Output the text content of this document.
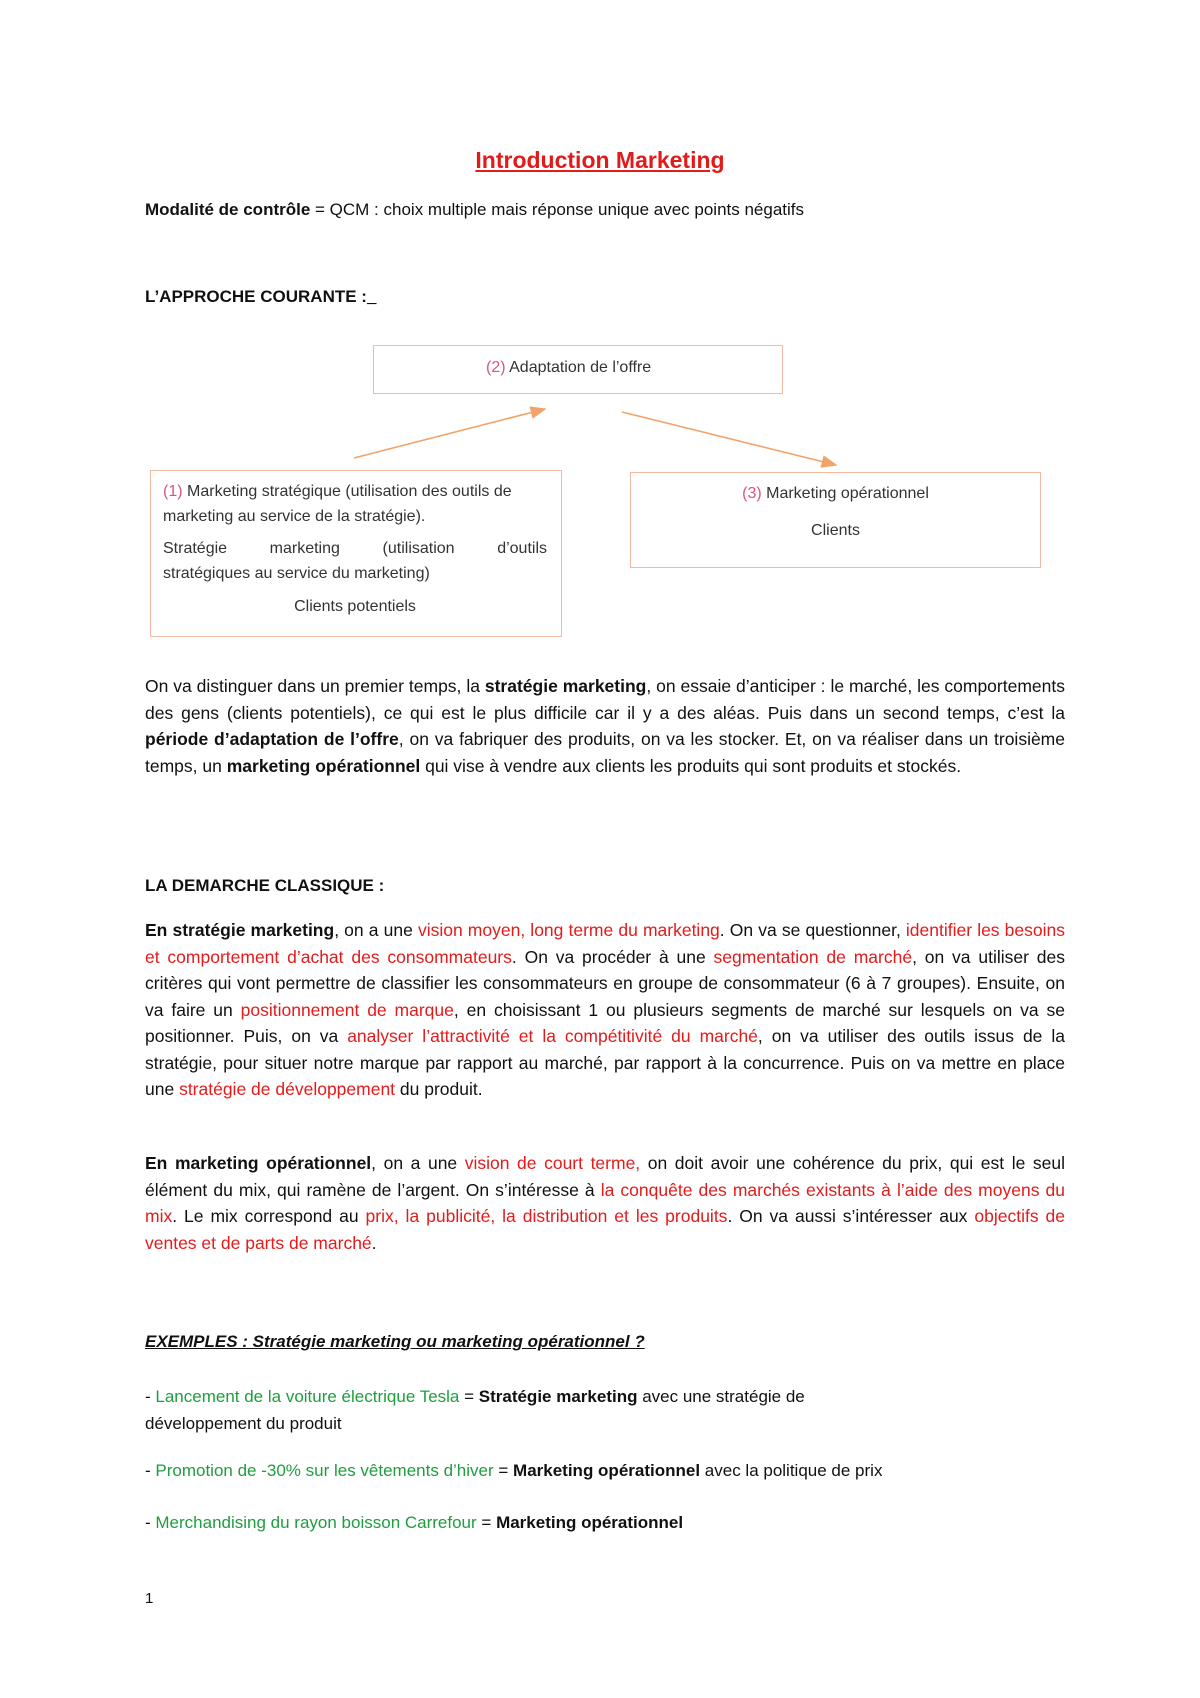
Introduction Marketing
Modalité de contrôle = QCM : choix multiple mais réponse unique avec points négatifs
L’APPROCHE COURANTE :_
(2) Adaptation de l’offre
(1) Marketing stratégique (utilisation des outils de
marketing au service de la stratégie).
Stratégie marketing (utilisation d’outils
stratégiques au service du marketing)
Clients potentiels
(3) Marketing opérationnel
Clients

On va distinguer dans un premier temps, la stratégie marketing, on essaie d’anticiper : le marché, les comportements des gens (clients potentiels), ce qui est le plus difficile car il y a des aléas. Puis dans un second temps, c’est la période d’adaptation de l’offre, on va fabriquer des produits, on va les stocker. Et, on va réaliser dans un troisième temps, un marketing opérationnel qui vise à vendre aux clients les produits qui sont produits et stockés.

LA DEMARCHE CLASSIQUE :

En stratégie marketing, on a une vision moyen, long terme du marketing. On va se questionner, identifier les besoins et comportement d’achat des consommateurs. On va procéder à une segmentation de marché, on va utiliser des critères qui vont permettre de classifier les consommateurs en groupe de consommateur (6 à 7 groupes). Ensuite, on va faire un positionnement de marque, en choisissant 1 ou plusieurs segments de marché sur lesquels on va se positionner. Puis, on va analyser l’attractivité et la compétitivité du marché, on va utiliser des outils issus de la stratégie, pour situer notre marque par rapport au marché, par rapport à la concurrence. Puis on va mettre en place une stratégie de développement du produit.

En marketing opérationnel, on a une vision de court terme, on doit avoir une cohérence du prix, qui est le seul élément du mix, qui ramène de l’argent. On s’intéresse à la conquête des marchés existants à l’aide des moyens du mix. Le mix correspond au prix, la publicité, la distribution et les produits. On va aussi s’intéresser aux objectifs de ventes et de parts de marché.

EXEMPLES : Stratégie marketing ou marketing opérationnel ?
- Lancement de la voiture électrique Tesla = Stratégie marketing avec une stratégie de
développement du produit
- Promotion de -30% sur les vêtements d’hiver = Marketing opérationnel avec la politique de prix
- Merchandising du rayon boisson Carrefour = Marketing opérationnel
1
